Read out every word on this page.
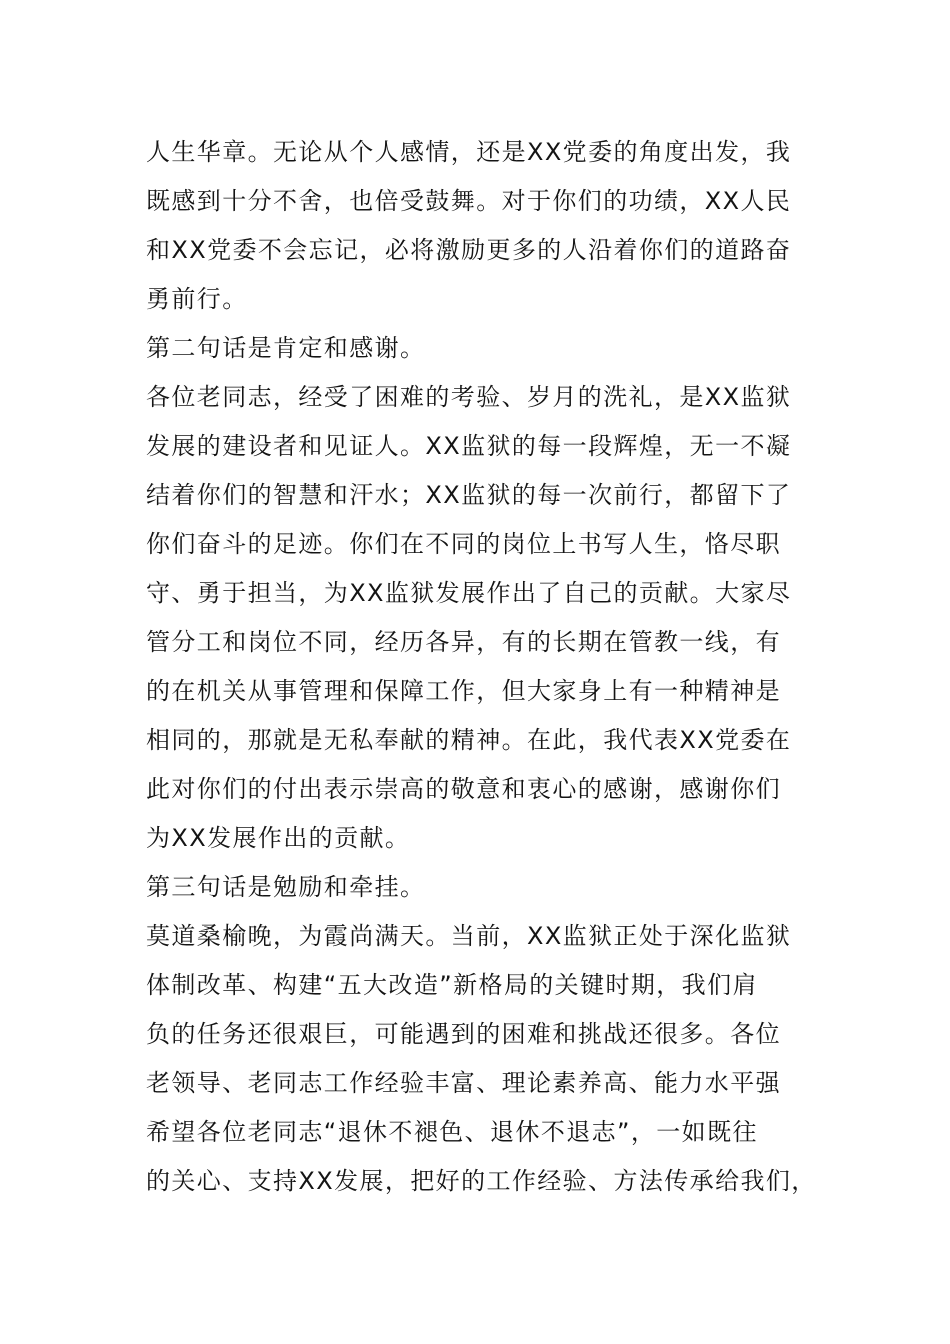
人生华章。无论从个人感情，还是XX党委的角度出发，我
既感到十分不舍，也倍受鼓舞。对于你们的功绩，XX人民
和XX党委不会忘记，必将激励更多的人沿着你们的道路奋
勇前行。
第二句话是肯定和感谢。
各位老同志，经受了困难的考验、岁月的洗礼，是XX监狱
发展的建设者和见证人。XX监狱的每一段辉煌，无一不凝
结着你们的智慧和汗水；XX监狱的每一次前行，都留下了
你们奋斗的足迹。你们在不同的岗位上书写人生，恪尽职
守、勇于担当，为XX监狱发展作出了自己的贡献。大家尽
管分工和岗位不同，经历各异，有的长期在管教一线，有
的在机关从事管理和保障工作，但大家身上有一种精神是
相同的，那就是无私奉献的精神。在此，我代表XX党委在
此对你们的付出表示崇高的敬意和衷心的感谢，感谢你们
为XX发展作出的贡献。
第三句话是勉励和牵挂。
莫道桑榆晚，为霞尚满天。当前，XX监狱正处于深化监狱
体制改革、构建“五大改造”新格局的关键时期，我们肩
负的任务还很艰巨，可能遇到的困难和挑战还很多。各位
老领导、老同志工作经验丰富、理论素养高、能力水平强
希望各位老同志“退休不褪色、退休不退志”，一如既往
的关心、支持XX发展，把好的工作经验、方法传承给我们，
